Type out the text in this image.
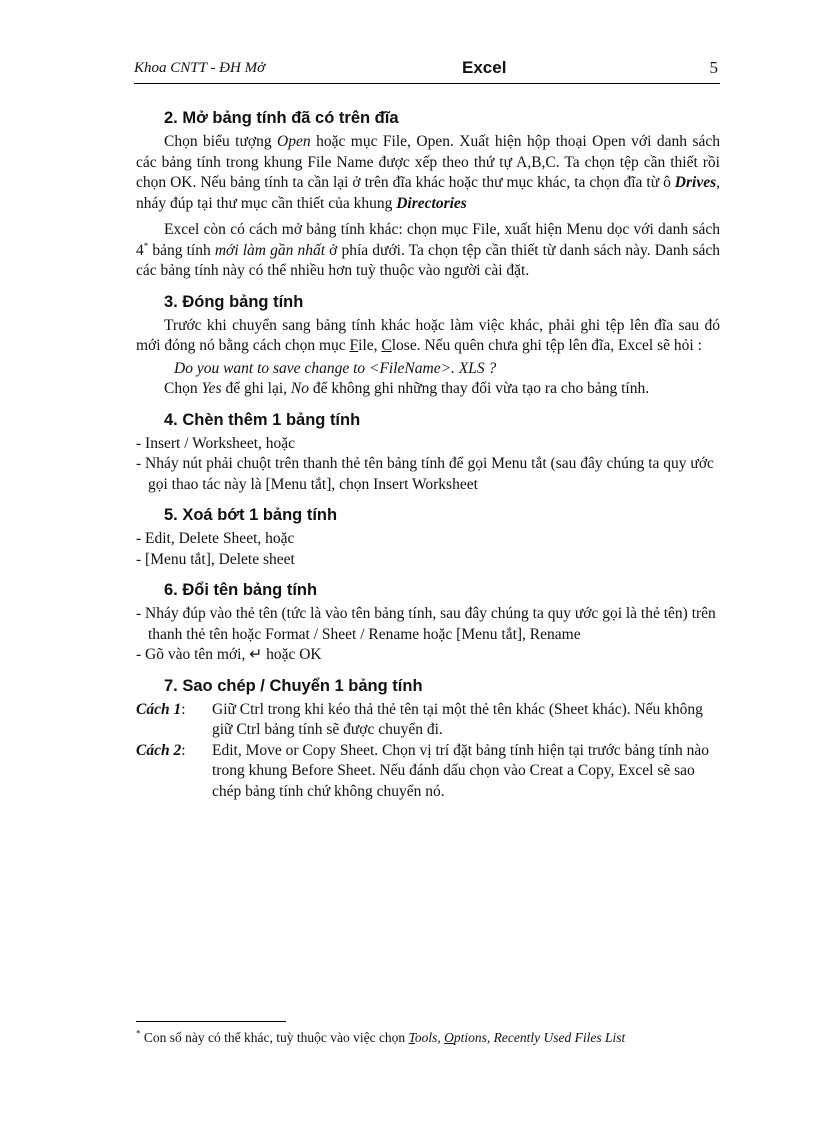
Khoa CNTT - ĐH Mở	Excel	5
2. Mở bảng tính đã có trên đĩa

Chọn biểu tượng Open hoặc mục File, Open. Xuất hiện hộp thoại Open với danh sách các bảng tính trong khung File Name được xếp theo thứ tự A,B,C. Ta chọn tệp cần thiết rồi chọn OK. Nếu bảng tính ta cần lại ở trên đĩa khác hoặc thư mục khác, ta chọn đĩa từ ô Drives, nháy đúp tại thư mục cần thiết của khung Directories

Excel còn có cách mở bảng tính khác: chọn mục File, xuất hiện Menu dọc với danh sách 4* bảng tính mới làm gần nhất ở phía dưới. Ta chọn tệp cần thiết từ danh sách này. Danh sách các bảng tính này có thể nhiều hơn tuỳ thuộc vào người cài đặt.

3. Đóng bảng tính

Trước khi chuyển sang bảng tính khác hoặc làm việc khác, phải ghi tệp lên đĩa sau đó mới đóng nó bằng cách chọn mục File, Close. Nếu quên chưa ghi tệp lên đĩa, Excel sẽ hỏi :

Do you want to save change to <FileName>. XLS ?

Chọn Yes để ghi lại, No để không ghi những thay đổi vừa tạo ra cho bảng tính.

4. Chèn thêm 1 bảng tính
- Insert / Worksheet, hoặc
- Nháy nút phải chuột trên thanh thẻ tên bảng tính để gọi Menu tắt (sau đây chúng ta quy ước gọi thao tác này là [Menu tắt], chọn Insert Worksheet
5. Xoá bớt 1 bảng tính
- Edit, Delete Sheet, hoặc
- [Menu tắt], Delete sheet
6. Đổi tên bảng tính
- Nháy đúp vào thẻ tên (tức là vào tên bảng tính, sau đây chúng ta quy ước gọi là thẻ tên) trên thanh thẻ tên hoặc Format / Sheet / Rename hoặc [Menu tắt], Rename
- Gõ vào tên mới, ↵ hoặc OK
7. Sao chép / Chuyển 1 bảng tính
Cách 1:	Giữ Ctrl trong khi kéo thả thẻ tên tại một thẻ tên khác (Sheet khác). Nếu không giữ Ctrl bảng tính sẽ được chuyển đi.
Cách 2:	Edit, Move or Copy Sheet. Chọn vị trí đặt bảng tính hiện tại trước bảng tính nào trong khung Before Sheet. Nếu đánh dấu chọn vào Creat a Copy, Excel sẽ sao chép bảng tính chứ không chuyển nó.
* Con số này có thể khác, tuỳ thuộc vào việc chọn Tools, Options, Recently Used Files List
